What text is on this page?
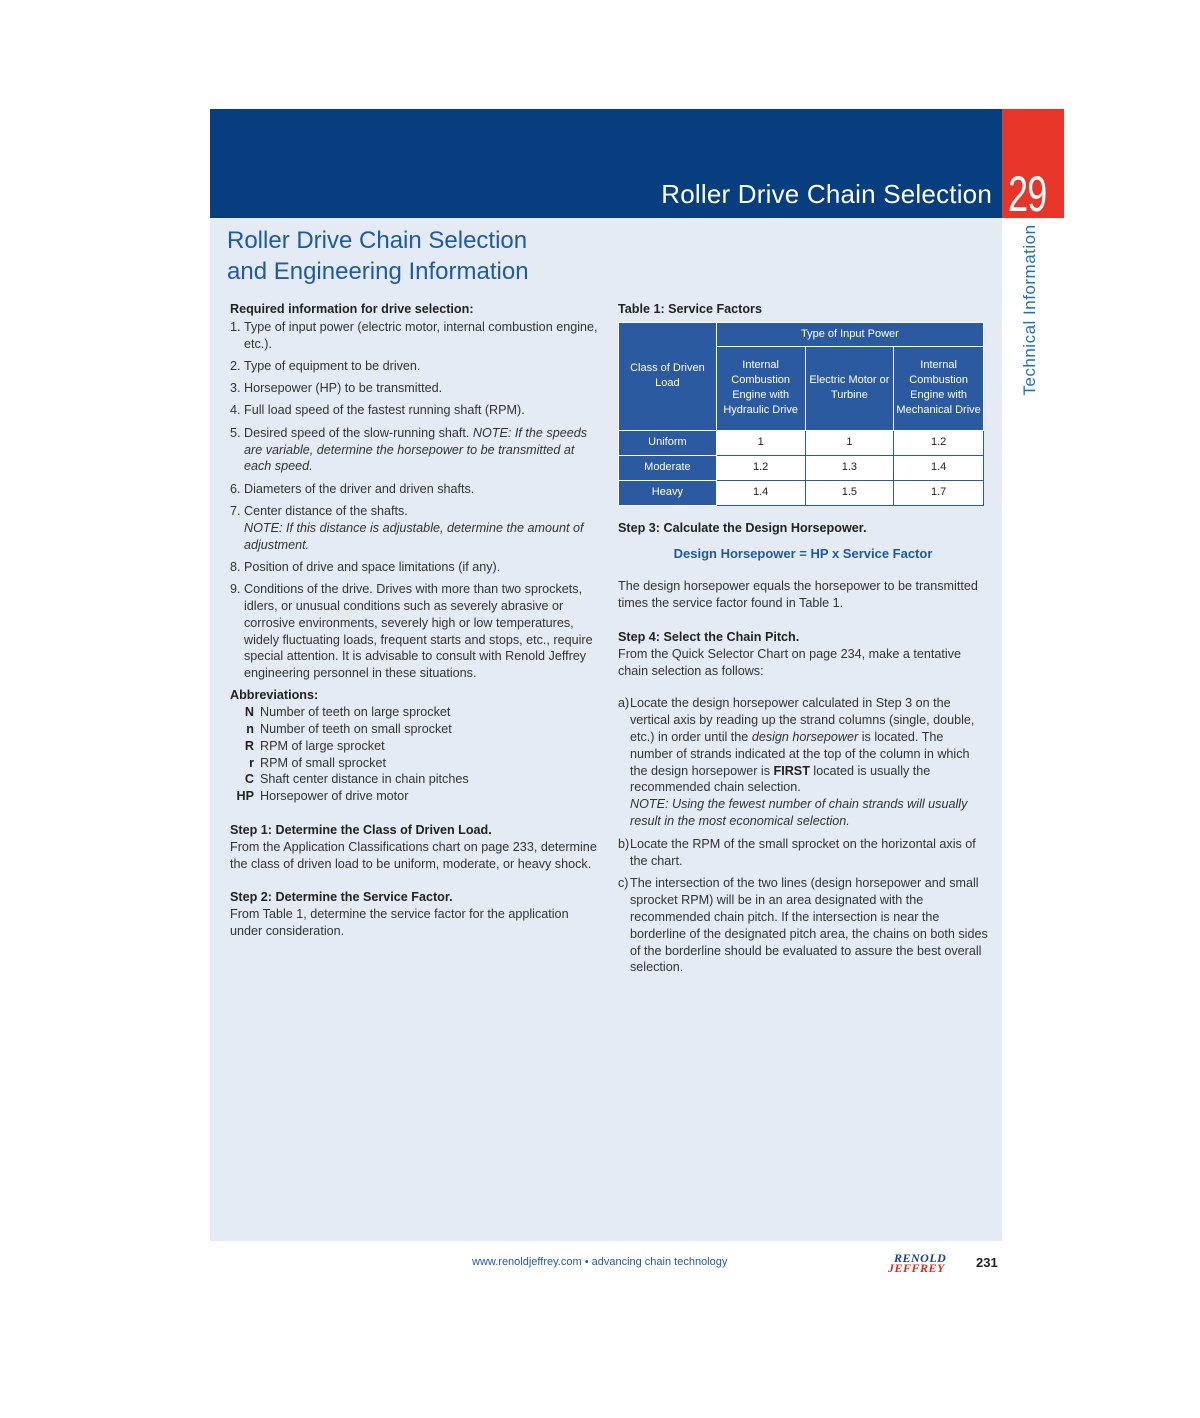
Roller Drive Chain Selection 29
Technical Information
Roller Drive Chain Selection
and Engineering Information
Required information for drive selection:
1. Type of input power (electric motor, internal combustion engine, etc.).
2. Type of equipment to be driven.
3. Horsepower (HP) to be transmitted.
4. Full load speed of the fastest running shaft (RPM).
5. Desired speed of the slow-running shaft. NOTE: If the speeds are variable, determine the horsepower to be transmitted at each speed.
6. Diameters of the driver and driven shafts.
7. Center distance of the shafts.
NOTE: If this distance is adjustable, determine the amount of adjustment.
8. Position of drive and space limitations (if any).
9. Conditions of the drive. Drives with more than two sprockets, idlers, or unusual conditions such as severely abrasive or corrosive environments, severely high or low temperatures, widely fluctuating loads, frequent starts and stops, etc., require special attention. It is advisable to consult with Renold Jeffrey engineering personnel in these situations.
Abbreviations:
N Number of teeth on large sprocket
n Number of teeth on small sprocket
R RPM of large sprocket
r RPM of small sprocket
C Shaft center distance in chain pitches
HP Horsepower of drive motor
Step 1: Determine the Class of Driven Load.
From the Application Classifications chart on page 233, determine the class of driven load to be uniform, moderate, or heavy shock.
Step 2: Determine the Service Factor.
From Table 1, determine the service factor for the application under consideration.
Table 1: Service Factors
Class of Driven Load	Type of Input Power		
	Internal Combustion Engine with Hydraulic Drive	Electric Motor or Turbine	Internal Combustion Engine with Mechanical Drive
Uniform	1	1	1.2
Moderate	1.2	1.3	1.4
Heavy	1.4	1.5	1.7
Step 3: Calculate the Design Horsepower.
Design Horsepower = HP x Service Factor
The design horsepower equals the horsepower to be transmitted times the service factor found in Table 1.
Step 4: Select the Chain Pitch.
From the Quick Selector Chart on page 234, make a tentative chain selection as follows:
a) Locate the design horsepower calculated in Step 3 on the vertical axis by reading up the strand columns (single, double, etc.) in order until the design horsepower is located. The number of strands indicated at the top of the column in which the design horsepower is FIRST located is usually the recommended chain selection.
NOTE: Using the fewest number of chain strands will usually result in the most economical selection.
b) Locate the RPM of the small sprocket on the horizontal axis of the chart.
c) The intersection of the two lines (design horsepower and small sprocket RPM) will be in an area designated with the recommended chain pitch. If the intersection is near the borderline of the designated pitch area, the chains on both sides of the borderline should be evaluated to assure the best overall selection.
www.renoldjeffrey.com • advancing chain technology	RENOLD
JEFFREY 231
